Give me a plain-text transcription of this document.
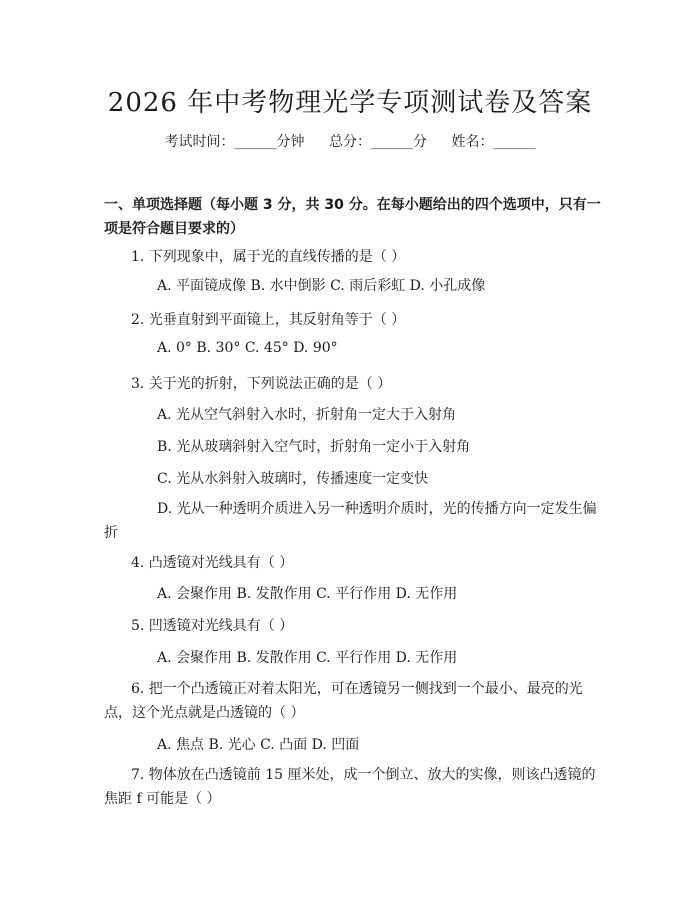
2026 年中考物理光学专项测试卷及答案
考试时间：______分钟 总分：______分 姓名：______
一、单项选择题（每小题 3 分，共 30 分。在每小题给出的四个选项中，只有一项是符合题目要求的）
1. 下列现象中，属于光的直线传播的是（ ）
A. 平面镜成像 B. 水中倒影 C. 雨后彩虹 D. 小孔成像
2. 光垂直射到平面镜上，其反射角等于（ ）
A. 0° B. 30° C. 45° D. 90°
3. 关于光的折射，下列说法正确的是（ ）
A. 光从空气斜射入水时，折射角一定大于入射角
B. 光从玻璃斜射入空气时，折射角一定小于入射角
C. 光从水斜射入玻璃时，传播速度一定变快
D. 光从一种透明介质进入另一种透明介质时，光的传播方向一定发生偏折
4. 凸透镜对光线具有（ ）
A. 会聚作用 B. 发散作用 C. 平行作用 D. 无作用
5. 凹透镜对光线具有（ ）
A. 会聚作用 B. 发散作用 C. 平行作用 D. 无作用
6. 把一个凸透镜正对着太阳光，可在透镜另一侧找到一个最小、最亮的光点，这个光点就是凸透镜的（ ）
A. 焦点 B. 光心 C. 凸面 D. 凹面
7. 物体放在凸透镜前 15 厘米处，成一个倒立、放大的实像，则该凸透镜的焦距 f 可能是（ ）
